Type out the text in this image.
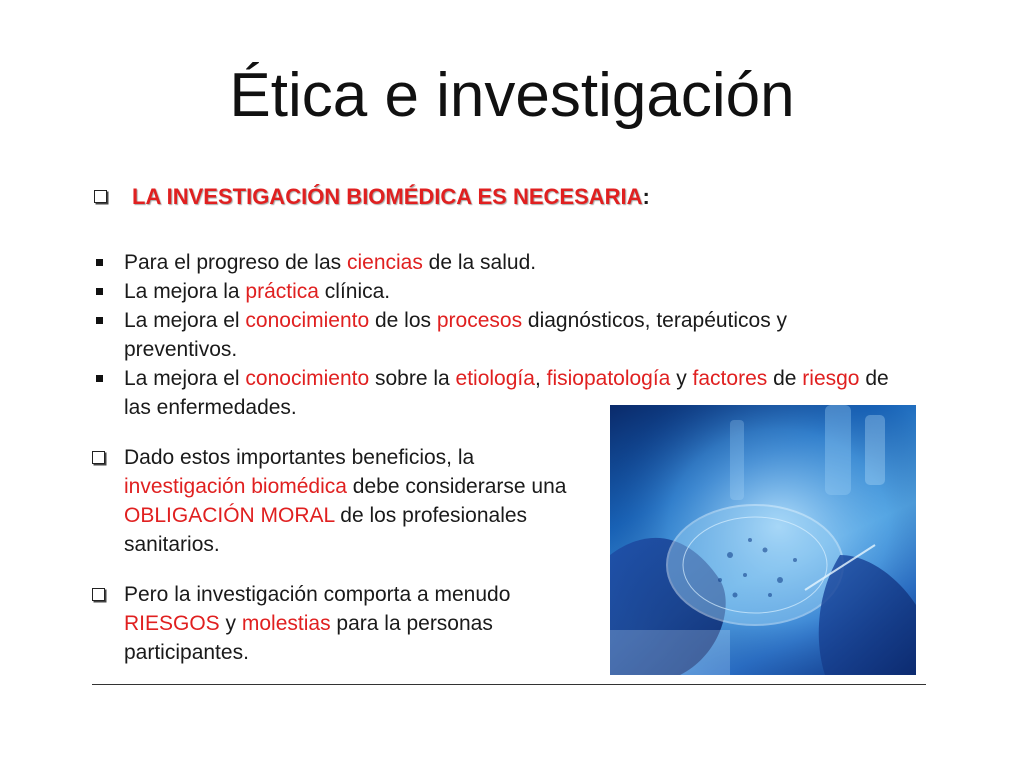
Ética e investigación
LA INVESTIGACIÓN BIOMÉDICA ES NECESARIA:
Para el progreso de las ciencias de la salud.
La mejora la práctica clínica.
La mejora el conocimiento de los procesos diagnósticos, terapéuticos y preventivos.
La mejora el conocimiento sobre la etiología, fisiopatología y factores de riesgo de las enfermedades.
Dado estos importantes beneficios, la investigación biomédica debe considerarse una OBLIGACIÓN MORAL de los profesionales sanitarios.
Pero la investigación comporta a menudo RIESGOS y molestias para la personas participantes.
